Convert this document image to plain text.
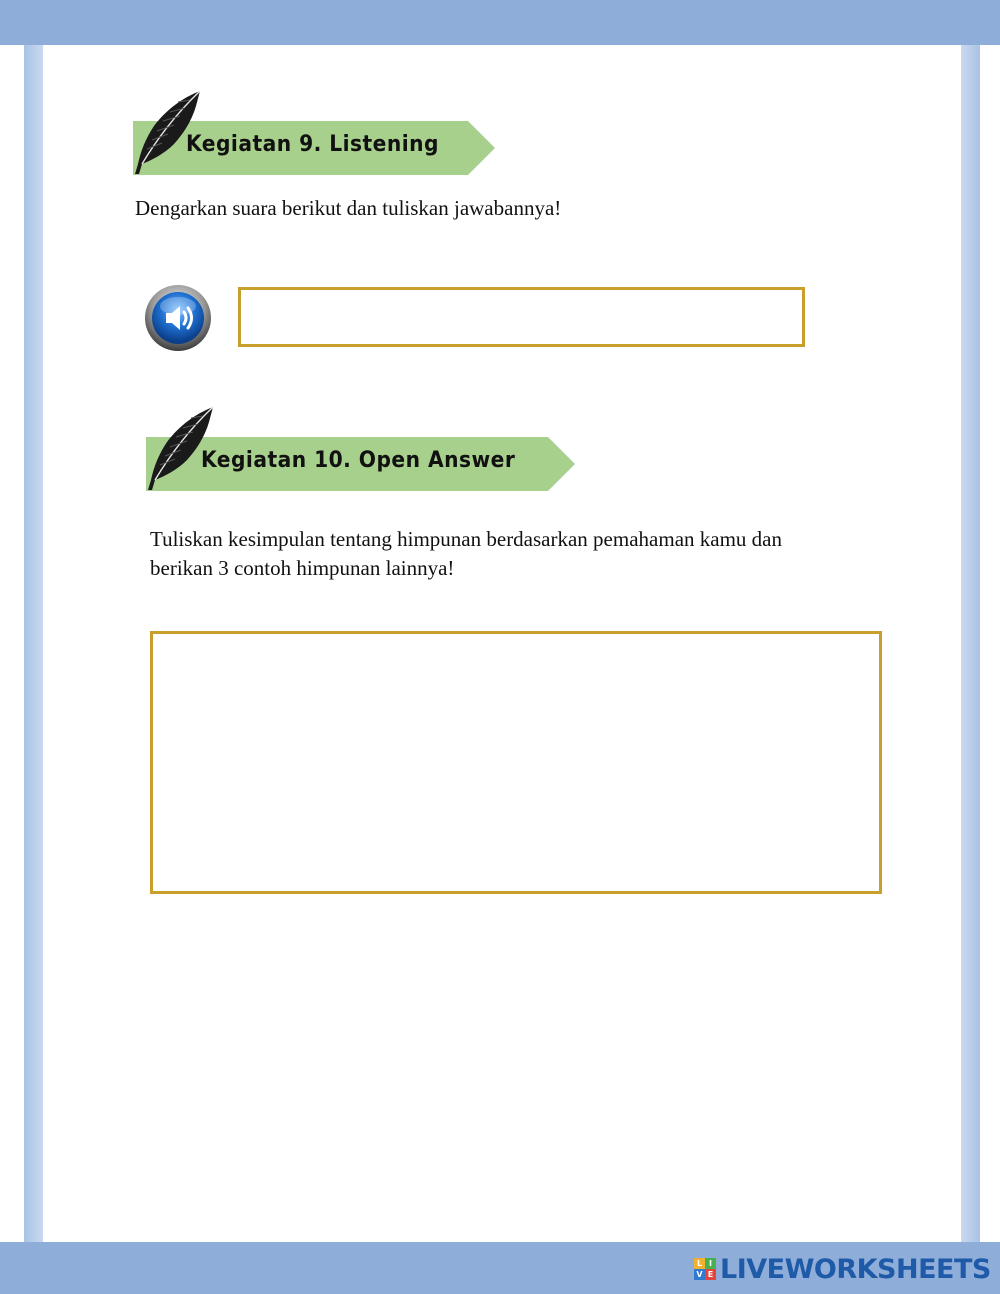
Kegiatan 9. Listening
Dengarkan suara berikut dan tuliskan jawabannya!
Kegiatan 10. Open Answer
Tuliskan kesimpulan tentang himpunan berdasarkan pemahaman kamu dan
berikan 3 contoh himpunan lainnya!
L I
V E LIVEWORKSHEETS
